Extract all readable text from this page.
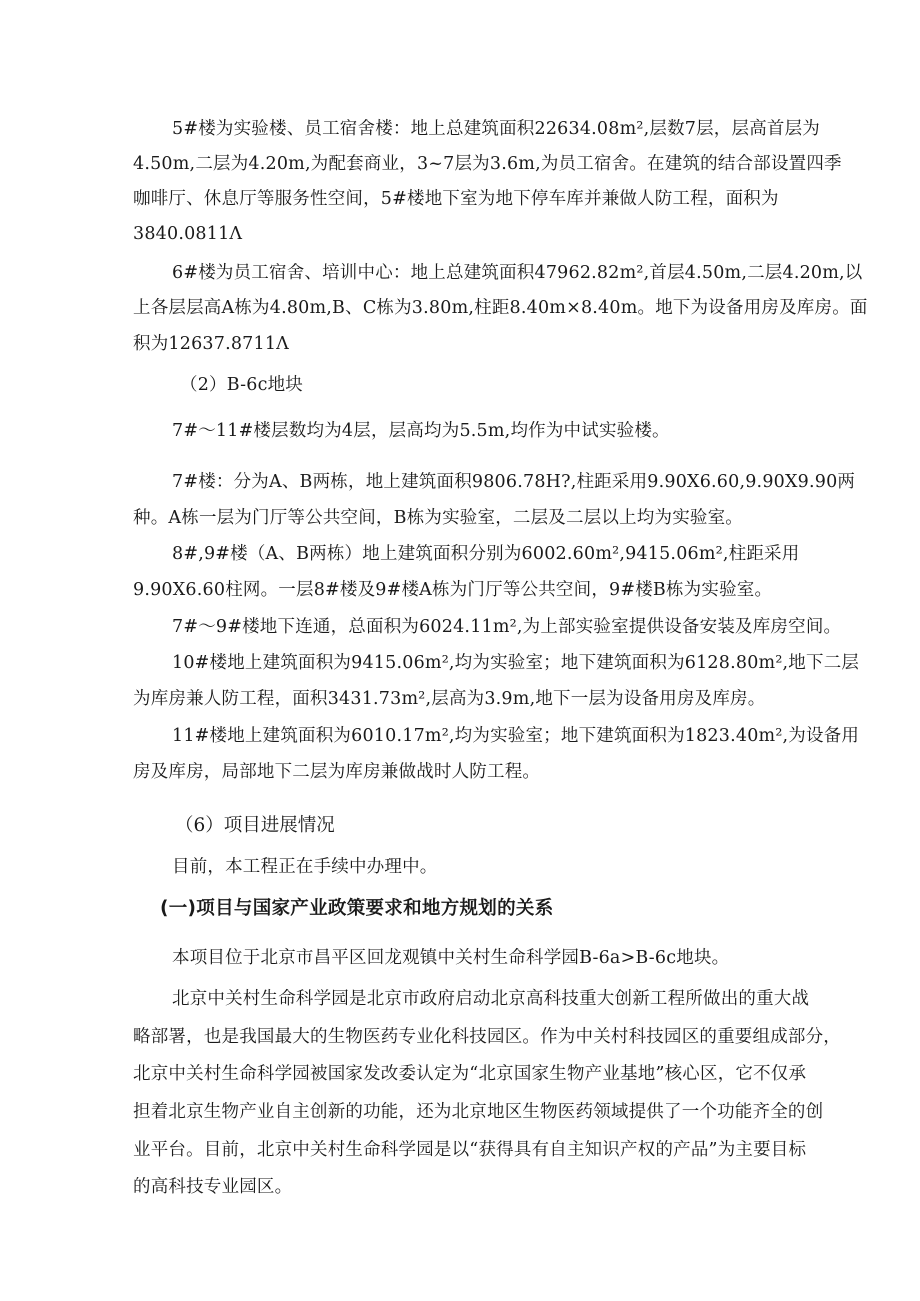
5#楼为实验楼、员工宿舍楼：地上总建筑面积22634.08m²,层数7层，层高首层为
4.50m,二层为4.20m,为配套商业，3~7层为3.6m,为员工宿舍。在建筑的结合部设置四季
咖啡厅、休息厅等服务性空间，5#楼地下室为地下停车库并兼做人防工程，面积为
3840.0811Λ
6#楼为员工宿舍、培训中心：地上总建筑面积47962.82m²,首层4.50m,二层4.20m,以
上各层层高A栋为4.80m,B、C栋为3.80m,柱距8.40m×8.40m。地下为设备用房及库房。面
积为12637.8711Λ
（2）B-6c地块
7#～11#楼层数均为4层，层高均为5.5m,均作为中试实验楼。
7#楼：分为A、B两栋，地上建筑面积9806.78H?,柱距采用9.90X6.60,9.90X9.90两
种。A栋一层为门厅等公共空间，B栋为实验室，二层及二层以上均为实验室。
8#,9#楼（A、B两栋）地上建筑面积分别为6002.60m²,9415.06m²,柱距采用
9.90X6.60柱网。一层8#楼及9#楼A栋为门厅等公共空间，9#楼B栋为实验室。
7#～9#楼地下连通，总面积为6024.11m²,为上部实验室提供设备安装及库房空间。
10#楼地上建筑面积为9415.06m²,均为实验室；地下建筑面积为6128.80m²,地下二层
为库房兼人防工程，面积3431.73m²,层高为3.9m,地下一层为设备用房及库房。
11#楼地上建筑面积为6010.17m²,均为实验室；地下建筑面积为1823.40m²,为设备用
房及库房，局部地下二层为库房兼做战时人防工程。
（6）项目进展情况
目前，本工程正在手续中办理中。
(一)项目与国家产业政策要求和地方规划的关系
本项目位于北京市昌平区回龙观镇中关村生命科学园B-6a>B-6c地块。
北京中关村生命科学园是北京市政府启动北京高科技重大创新工程所做出的重大战
略部署，也是我国最大的生物医药专业化科技园区。作为中关村科技园区的重要组成部分，
北京中关村生命科学园被国家发改委认定为“北京国家生物产业基地”核心区，它不仅承
担着北京生物产业自主创新的功能，还为北京地区生物医药领域提供了一个功能齐全的创
业平台。目前，北京中关村生命科学园是以“获得具有自主知识产权的产品”为主要目标
的高科技专业园区。
